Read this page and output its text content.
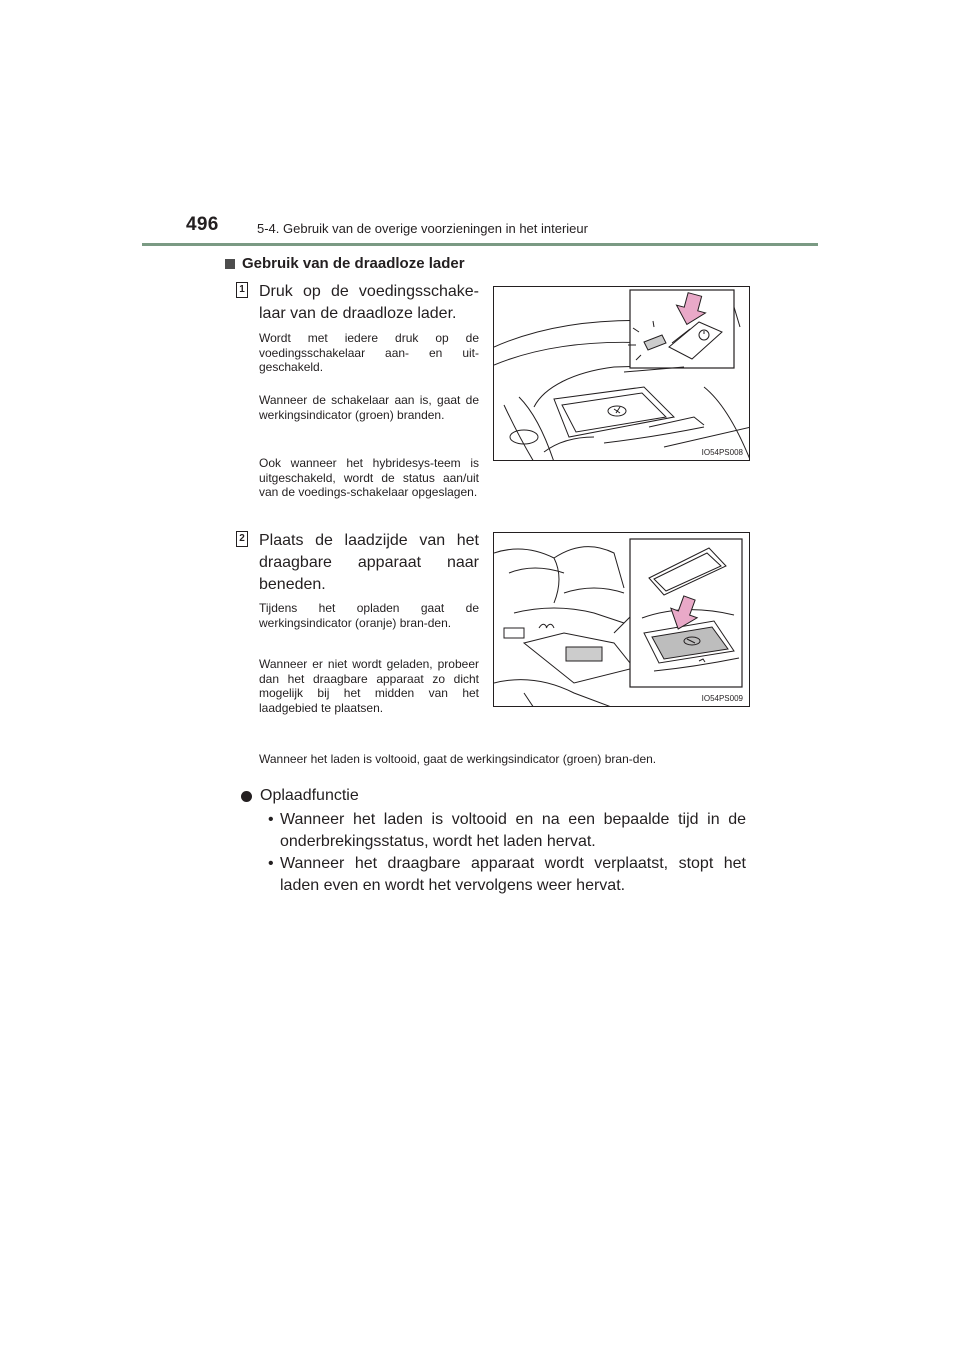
496	5-4. Gebruik van de overige voorzieningen in het interieur
Gebruik van de draadloze lader
1 Druk op de voedingsschake-laar van de draadloze lader.
Wordt met iedere druk op de voedingsschakelaar aan- en uit-geschakeld.
Wanneer de schakelaar aan is, gaat de werkingsindicator (groen) branden.
Ook wanneer het hybridesys-teem is uitgeschakeld, wordt de status aan/uit van de voedings-schakelaar opgeslagen.
IO54PS008
2 Plaats de laadzijde van het draagbare apparaat naar beneden.
Tijdens het opladen gaat de werkingsindicator (oranje) bran-den.
Wanneer er niet wordt geladen, probeer dan het draagbare apparaat zo dicht mogelijk bij het midden van het laadgebied te plaatsen.
IO54PS009
Wanneer het laden is voltooid, gaat de werkingsindicator (groen) bran-den.
Oplaadfunctie
• Wanneer het laden is voltooid en na een bepaalde tijd in de onderbrekingsstatus, wordt het laden hervat.
• Wanneer het draagbare apparaat wordt verplaatst, stopt het laden even en wordt het vervolgens weer hervat.
